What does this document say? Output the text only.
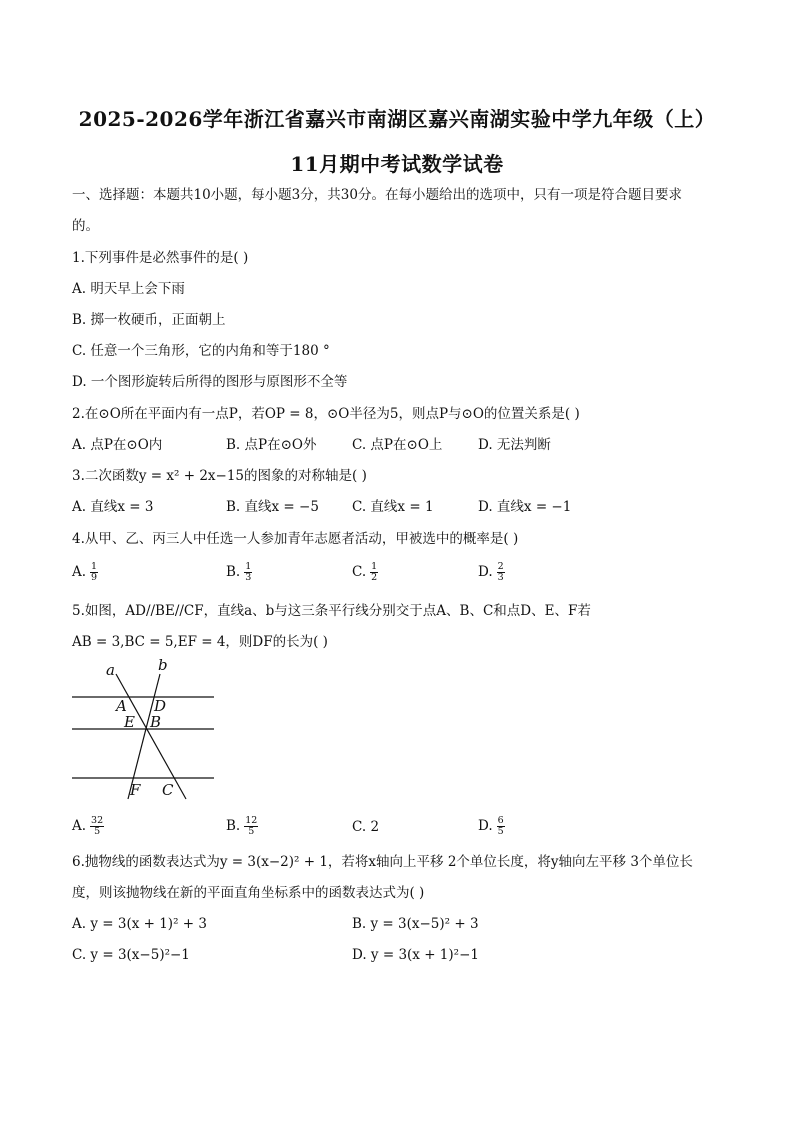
2025-2026学年浙江省嘉兴市南湖区嘉兴南湖实验中学九年级（上）
11月期中考试数学试卷
一、选择题：本题共10小题，每小题3分，共30分。在每小题给出的选项中，只有一项是符合题目要求
的。
1.下列事件是必然事件的是( )
A. 明天早上会下雨
B. 掷一枚硬币，正面朝上
C. 任意一个三角形，它的内角和等于180 °
D. 一个图形旋转后所得的图形与原图形不全等
2.在⊙O所在平面内有一点P，若OP = 8，⊙O半径为5，则点P与⊙O的位置关系是( )
A. 点P在⊙O内	B. 点P在⊙O外	C. 点P在⊙O上	D. 无法判断
3.二次函数y = x² + 2x−15的图象的对称轴是( )
A. 直线x = 3	B. 直线x = −5 C. 直线x = 1	D. 直线x = −1
4.从甲、乙、丙三人中任选一人参加青年志愿者活动，甲被选中的概率是( )
A. $\frac{1}{9}$	B. $\frac{1}{3}$	C. $\frac{1}{2}$	D. $\frac{2}{3}$
5.如图，AD//BE//CF，直线a、b与这三条平行线分别交于点A、B、C和点D、E、F若
AB = 3,BC = 5,EF = 4，则DF的长为( )
a	b
A D
E B
F C
A. $\frac{32}{5}$	B. $\frac{12}{5}$	C. 2	D. $\frac{6}{5}$
6.抛物线的函数表达式为y = 3(x−2)² + 1，若将x轴向上平移 2个单位长度，将y轴向左平移 3个单位长
度，则该抛物线在新的平面直角坐标系中的函数表达式为( )
A. y = 3(x + 1)² + 3	B. y = 3(x−5)² + 3
C. y = 3(x−5)²−1	D. y = 3(x + 1)²−1
